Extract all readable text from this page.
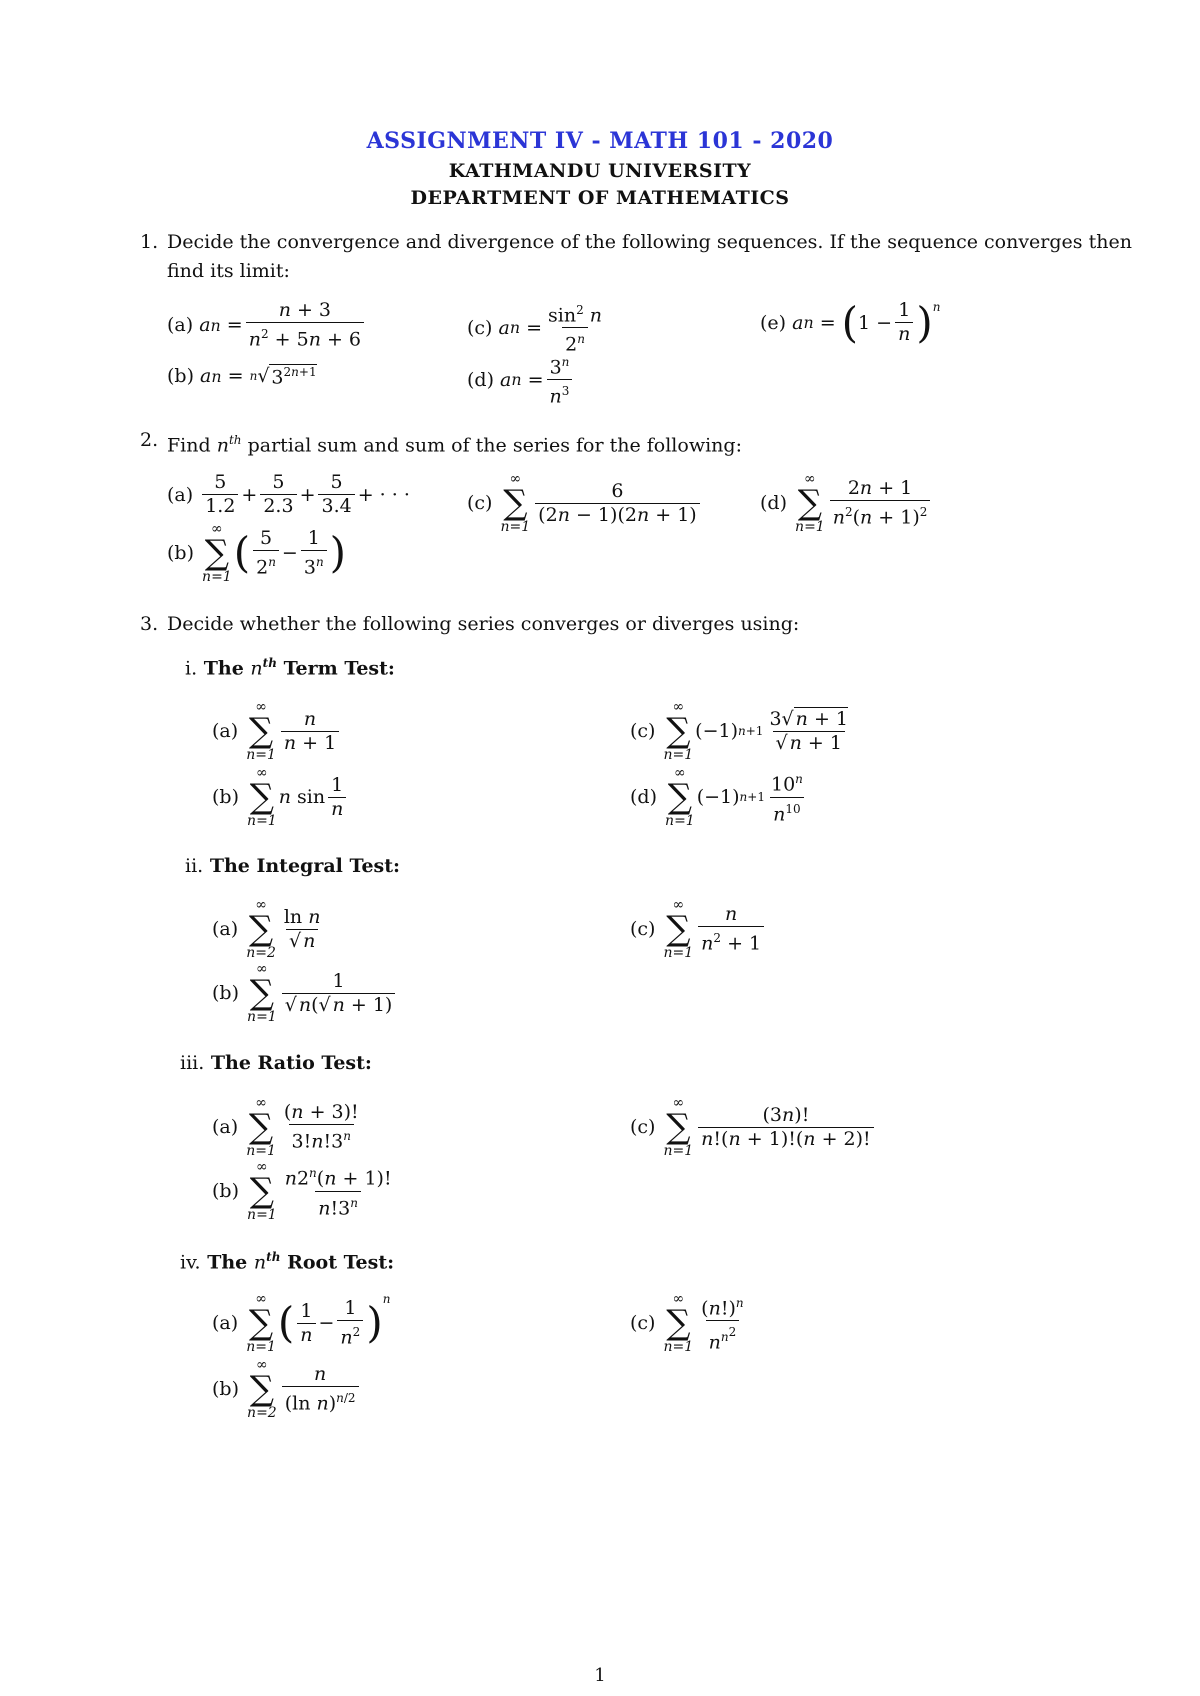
ASSIGNMENT IV - MATH 101 - 2020
KATHMANDU UNIVERSITY
DEPARTMENT OF MATHEMATICS
1. Decide the convergence and divergence of the following sequences. If the sequence converges then
find its limit:
(a)
a n =
n + 3
$n^2 + 5n + 6$
(b)
a n = n √ $3^{2n+1}$
(c)
a n =
$\sin^2 n$
2$^n$
(d)
a n =
$3^n$
$n^3$
(e)
a n = ( 1 −
1
n ) $^n$
2. Find $n^{th}$ partial sum and sum of the series for the following:
(a)

5
1.2
+
5
2.3
+
5
3.4
+ · · ·
(b)

∞
∑
n=1 ( 5
$2^n$ −
1
3$^n$ )
(c)

∞
∑
n=1
6
(2n − 1)(2n + 1)
(d)

∞
∑
n=1
2n + 1
$n^2(n + 1)^2$
3. Decide whether the following series converges or diverges using:
i. The $n^{th}$ Term Test:
(a)

∞
∑
n=1
n
n + 1
(b)

∞
∑
n=1
n sin
1
n
(c)

∞
∑
n=1
(−1) n+1
3√ n + 1
√ n + 1
(d)

∞
∑
n=1
(−1) n+1
10$^n$
$n^{10}$
ii. The Integral Test:
(a)

∞
∑
n=2
ln n
√ n
(b)

∞
∑
n=1
1
√ n(√ n + 1)
(c)

∞
∑
n=1
n
$n^2 + 1$
iii. The Ratio Test:
(a)

∞
∑
n=1
(n + 3)!
3!n!3$^n$
(b)

∞
∑
n=1
$n2^n(n + 1)$!
n!3$^n$
(c)

∞
∑
n=1
(3n)!
n!(n + 1)!(n + 2)!
iv. The $n^{th}$ Root Test:
(a)

∞
∑
n=1 ( 1
n
−
1
$n^2$ ) $^n$
(b)

∞
∑
n=2
n
(ln n)$^{n/2}$
(c)

∞
∑
n=1
$(n!)^n$
$n^{n^2}$
1
